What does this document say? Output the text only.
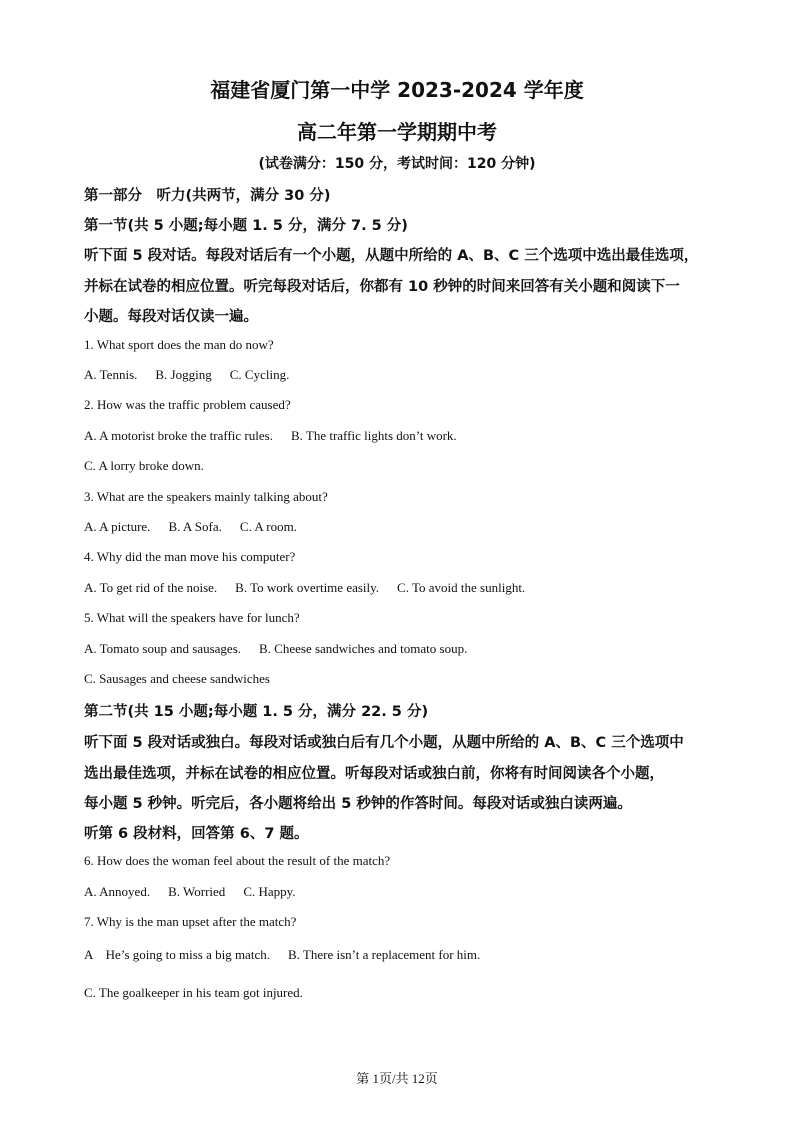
福建省厦门第一中学 2023-2024 学年度
高二年第一学期期中考
(试卷满分：150 分，考试时间：120 分钟)
第一部分　听力(共两节，满分 30 分)
第一节(共 5 小题;每小题 1. 5 分，满分 7. 5 分)
听下面 5 段对话。每段对话后有一个小题，从题中所给的 A、B、C 三个选项中选出最佳选项，
并标在试卷的相应位置。听完每段对话后，你都有 10 秒钟的时间来回答有关小题和阅读下一
小题。每段对话仅读一遍。
1. What sport does the man do now?
A. Tennis. B. Jogging C. Cycling.
2. How was the traffic problem caused?
A. A motorist broke the traffic rules. B. The traffic lights don’t work.
C. A lorry broke down.
3. What are the speakers mainly talking about?
A. A picture. B. A Sofa. C. A room.
4. Why did the man move his computer?
A. To get rid of the noise. B. To work overtime easily. C. To avoid the sunlight.
5. What will the speakers have for lunch?
A. Tomato soup and sausages. B. Cheese sandwiches and tomato soup.
C. Sausages and cheese sandwiches
第二节(共 15 小题;每小题 1. 5 分，满分 22. 5 分)
听下面 5 段对话或独白。每段对话或独白后有几个小题，从题中所给的 A、B、C 三个选项中
选出最佳选项，并标在试卷的相应位置。听每段对话或独白前，你将有时间阅读各个小题，
每小题 5 秒钟。听完后，各小题将给出 5 秒钟的作答时间。每段对话或独白读两遍。
听第 6 段材料，回答第 6、7 题。
6. How does the woman feel about the result of the match?
A. Annoyed. B. Worried C. Happy.
7. Why is the man upset after the match?
A　He’s going to miss a big match. B. There isn’t a replacement for him.
C. The goalkeeper in his team got injured.
第 1页/共 12页
